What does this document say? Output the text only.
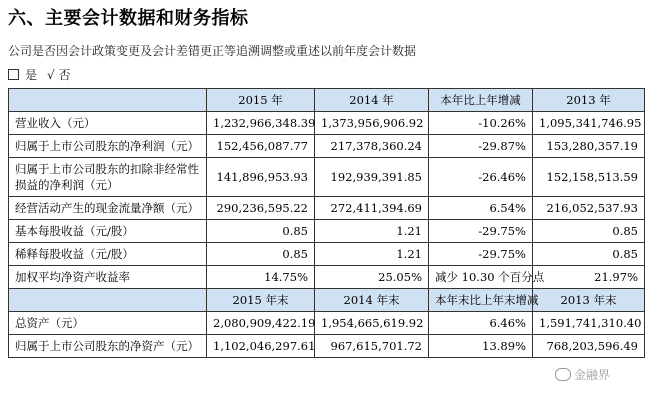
六、主要会计数据和财务指标
公司是否因会计政策变更及会计差错更正等追溯调整或重述以前年度会计数据
是 √ 否
	2015 年	2014 年	本年比上年增减	2013 年
营业收入（元）	1,232,966,348.39	1,373,956,906.92	-10.26%	1,095,341,746.95
归属于上市公司股东的净利润（元）	152,456,087.77	217,378,360.24	-29.87%	153,280,357.19
归属于上市公司股东的扣除非经常性损益的净利润（元）	141,896,953.93	192,939,391.85	-26.46%	152,158,513.59
经营活动产生的现金流量净额（元）	290,236,595.22	272,411,394.69	6.54%	216,052,537.93
基本每股收益（元/股）	0.85	1.21	-29.75%	0.85
稀释每股收益（元/股）	0.85	1.21	-29.75%	0.85
加权平均净资产收益率	14.75%	25.05%	减少 10.30 个百分点	21.97%
	2015 年末	2014 年末	本年末比上年末增减	2013 年末
总资产（元）	2,080,909,422.19	1,954,665,619.92	6.46%	1,591,741,310.40
归属于上市公司股东的净资产（元）	1,102,046,297.61	967,615,701.72	13.89%	768,203,596.49
金融界
